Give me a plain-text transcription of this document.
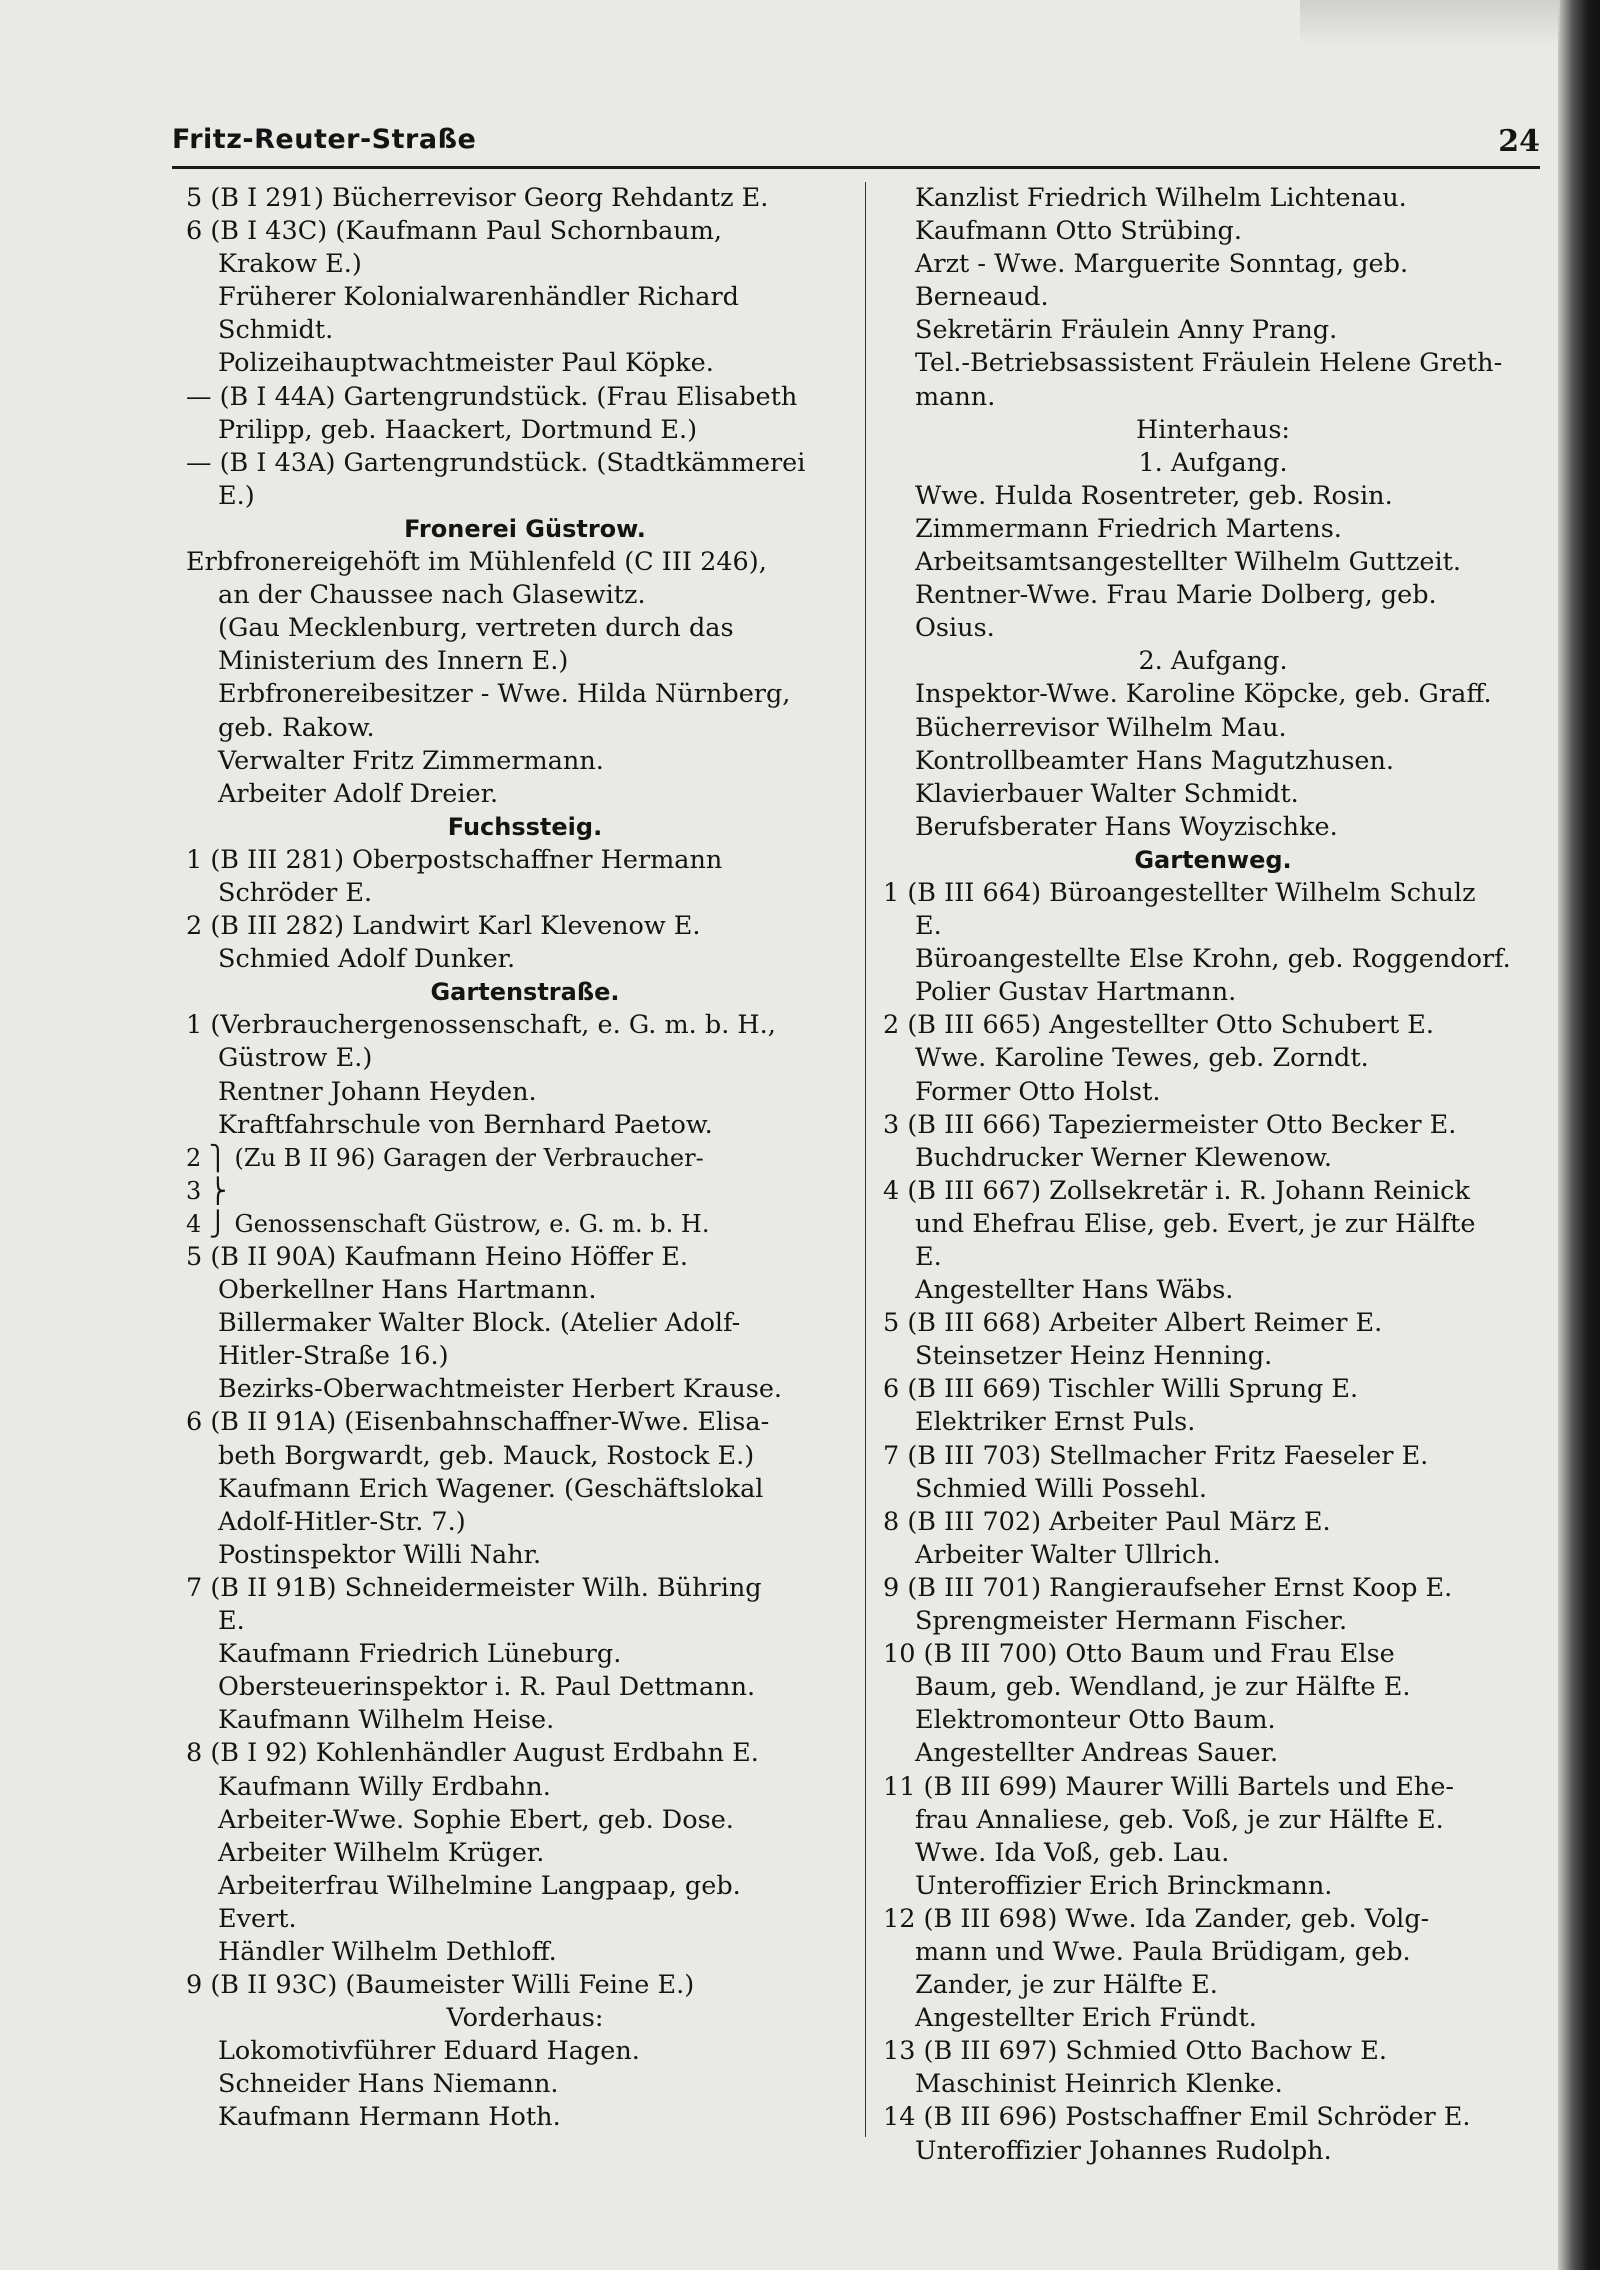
Fritz-Reuter-Straße	24
5 (B I 291) Bücherrevisor Georg Rehdantz E.
6 (B I 43C) (Kaufmann Paul Schornbaum,
Krakow E.)
Früherer Kolonialwarenhändler Richard
Schmidt.
Polizeihauptwachtmeister Paul Köpke.
— (B I 44A) Gartengrundstück. (Frau Elisabeth
Prilipp, geb. Haackert, Dortmund E.)
— (B I 43A) Gartengrundstück. (Stadtkämmerei
E.)
Fronerei Güstrow.
Erbfronereigehöft im Mühlenfeld (C III 246),
an der Chaussee nach Glasewitz.
(Gau Mecklenburg, vertreten durch das
Ministerium des Innern E.)
Erbfronereibesitzer - Wwe. Hilda Nürnberg,
geb. Rakow.
Verwalter Fritz Zimmermann.
Arbeiter Adolf Dreier.
Fuchssteig.
1 (B III 281) Oberpostschaffner Hermann
Schröder E.
2 (B III 282) Landwirt Karl Klevenow E.
Schmied Adolf Dunker.
Gartenstraße.
1 (Verbrauchergenossenschaft, e. G. m. b. H.,
Güstrow E.)
Rentner Johann Heyden.
Kraftfahrschule von Bernhard Paetow.
2 ⎫ (Zu B II 96) Garagen der Verbraucher-
3 ⎬
4 ⎭ Genossenschaft Güstrow, e. G. m. b. H.
5 (B II 90A) Kaufmann Heino Höffer E.
Oberkellner Hans Hartmann.
Billermaker Walter Block. (Atelier Adolf-
Hitler-Straße 16.)
Bezirks-Oberwachtmeister Herbert Krause.
6 (B II 91A) (Eisenbahnschaffner-Wwe. Elisa-
beth Borgwardt, geb. Mauck, Rostock E.)
Kaufmann Erich Wagener. (Geschäftslokal
Adolf-Hitler-Str. 7.)
Postinspektor Willi Nahr.
7 (B II 91B) Schneidermeister Wilh. Bühring
E.
Kaufmann Friedrich Lüneburg.
Obersteuerinspektor i. R. Paul Dettmann.
Kaufmann Wilhelm Heise.
8 (B I 92) Kohlenhändler August Erdbahn E.
Kaufmann Willy Erdbahn.
Arbeiter-Wwe. Sophie Ebert, geb. Dose.
Arbeiter Wilhelm Krüger.
Arbeiterfrau Wilhelmine Langpaap, geb.
Evert.
Händler Wilhelm Dethloff.
9 (B II 93C) (Baumeister Willi Feine E.)
Vorderhaus:
Lokomotivführer Eduard Hagen.
Schneider Hans Niemann.
Kaufmann Hermann Hoth.
Kanzlist Friedrich Wilhelm Lichtenau.
Kaufmann Otto Strübing.
Arzt - Wwe. Marguerite Sonntag, geb.
Berneaud.
Sekretärin Fräulein Anny Prang.
Tel.-Betriebsassistent Fräulein Helene Greth-
mann.
Hinterhaus:
1. Aufgang.
Wwe. Hulda Rosentreter, geb. Rosin.
Zimmermann Friedrich Martens.
Arbeitsamtsangestellter Wilhelm Guttzeit.
Rentner-Wwe. Frau Marie Dolberg, geb.
Osius.
2. Aufgang.
Inspektor-Wwe. Karoline Köpcke, geb. Graff.
Bücherrevisor Wilhelm Mau.
Kontrollbeamter Hans Magutzhusen.
Klavierbauer Walter Schmidt.
Berufsberater Hans Woyzischke.
Gartenweg.
1 (B III 664) Büroangestellter Wilhelm Schulz
E.
Büroangestellte Else Krohn, geb. Roggendorf.
Polier Gustav Hartmann.
2 (B III 665) Angestellter Otto Schubert E.
Wwe. Karoline Tewes, geb. Zorndt.
Former Otto Holst.
3 (B III 666) Tapeziermeister Otto Becker E.
Buchdrucker Werner Klewenow.
4 (B III 667) Zollsekretär i. R. Johann Reinick
und Ehefrau Elise, geb. Evert, je zur Hälfte
E.
Angestellter Hans Wäbs.
5 (B III 668) Arbeiter Albert Reimer E.
Steinsetzer Heinz Henning.
6 (B III 669) Tischler Willi Sprung E.
Elektriker Ernst Puls.
7 (B III 703) Stellmacher Fritz Faeseler E.
Schmied Willi Possehl.
8 (B III 702) Arbeiter Paul März E.
Arbeiter Walter Ullrich.
9 (B III 701) Rangieraufseher Ernst Koop E.
Sprengmeister Hermann Fischer.
10 (B III 700) Otto Baum und Frau Else
Baum, geb. Wendland, je zur Hälfte E.
Elektromonteur Otto Baum.
Angestellter Andreas Sauer.
11 (B III 699) Maurer Willi Bartels und Ehe-
frau Annaliese, geb. Voß, je zur Hälfte E.
Wwe. Ida Voß, geb. Lau.
Unteroffizier Erich Brinckmann.
12 (B III 698) Wwe. Ida Zander, geb. Volg-
mann und Wwe. Paula Brüdigam, geb.
Zander, je zur Hälfte E.
Angestellter Erich Fründt.
13 (B III 697) Schmied Otto Bachow E.
Maschinist Heinrich Klenke.
14 (B III 696) Postschaffner Emil Schröder E.
Unteroffizier Johannes Rudolph.
